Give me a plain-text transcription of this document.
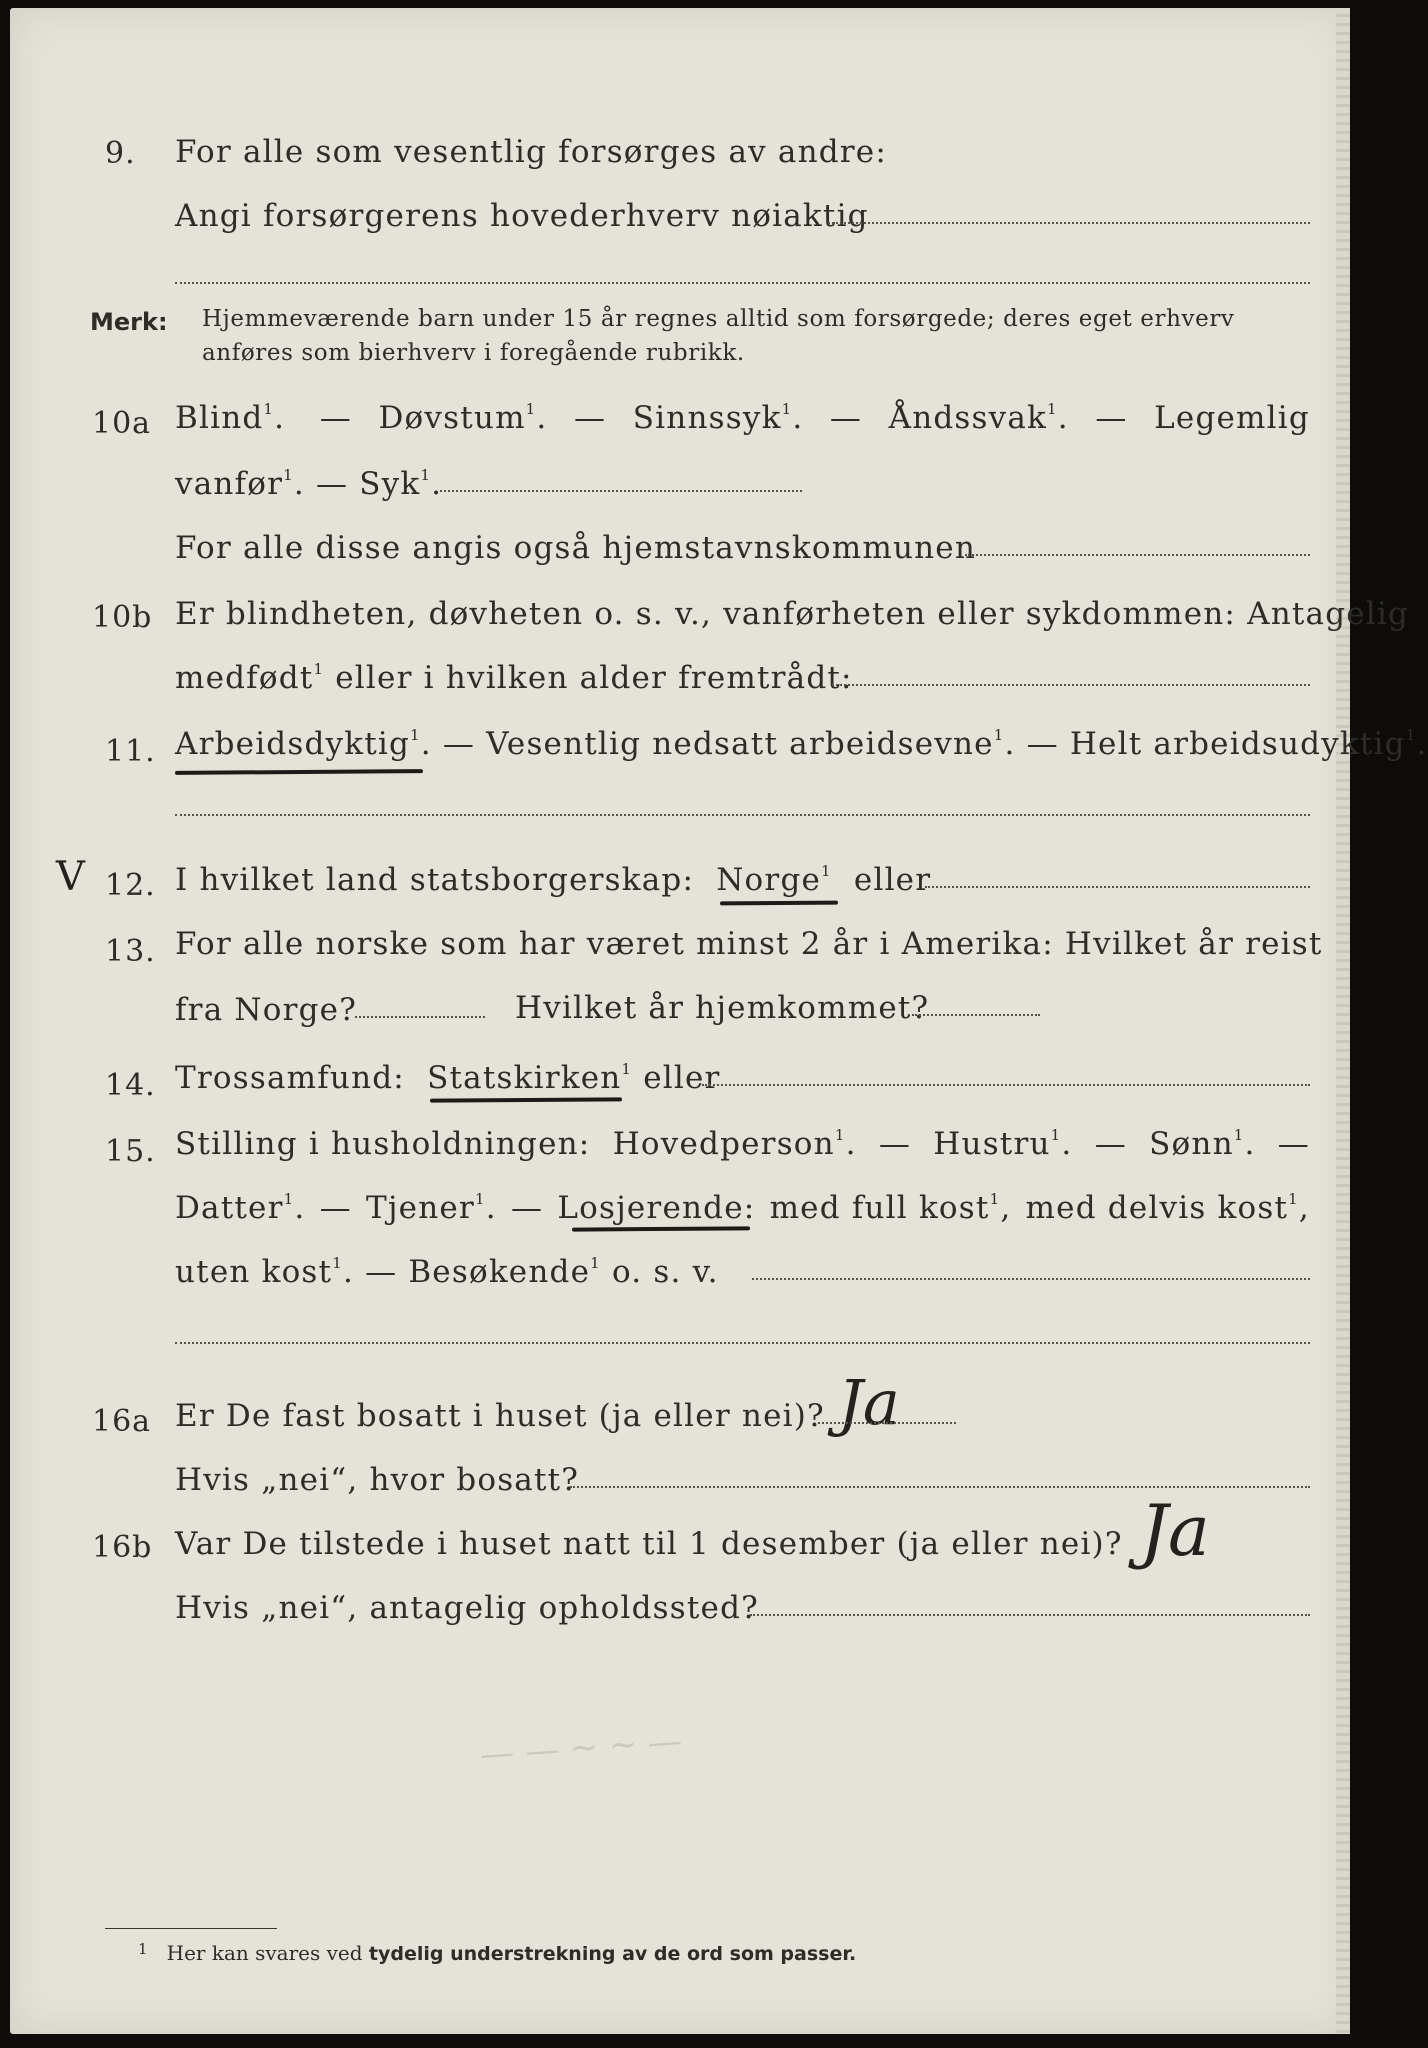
9. For alle som vesentlig forsørges av andre:
Angi forsørgerens hovederhverv nøiaktig
Merk: Hjemmeværende barn under 15 år regnes alltid som forsørgede; deres eget erhverv
anføres som bierhverv i foregående rubrikk.
10a Blind$^1$. — Døvstum$^1$. — Sinnssyk$^1$. — Åndssvak$^1$. — Legemlig
vanfør$^1$. — Syk$^1$.
For alle disse angis også hjemstavnskommunen
10b Er blindheten, døvheten o. s. v., vanførheten eller sykdommen: Antagelig
medfødt$^1$ eller i hvilken alder fremtrådt:
11. Arbeidsdyktig$^1$. — Vesentlig nedsatt arbeidsevne$^1$. — Helt arbeidsudyktig$^1$.
V 12. I hvilket land statsborgerskap: Norge$^1$ eller
13. For alle norske som har været minst 2 år i Amerika: Hvilket år reist
fra Norge?	Hvilket år hjemkommet?
14. Trossamfund: Statskirken$^1$ eller
15. Stilling i husholdningen: Hovedperson$^1$. — Hustru$^1$. — Sønn$^1$. —
Datter$^1$. — Tjener$^1$. — Losjerende: med full kost$^1$, med delvis kost$^1$,
uten kost$^1$. — Besøkende$^1$ o. s. v.
16a Er De fast bosatt i huset (ja eller nei)? Ja
Hvis „nei“, hvor bosatt?
16b Var De tilstede i huset natt til 1 desember (ja eller nei)? Ja
Hvis „nei“, antagelig opholdssted?
— — ~ ~ —
$^1$ Her kan svares ved tydelig understrekning av de ord som passer.
